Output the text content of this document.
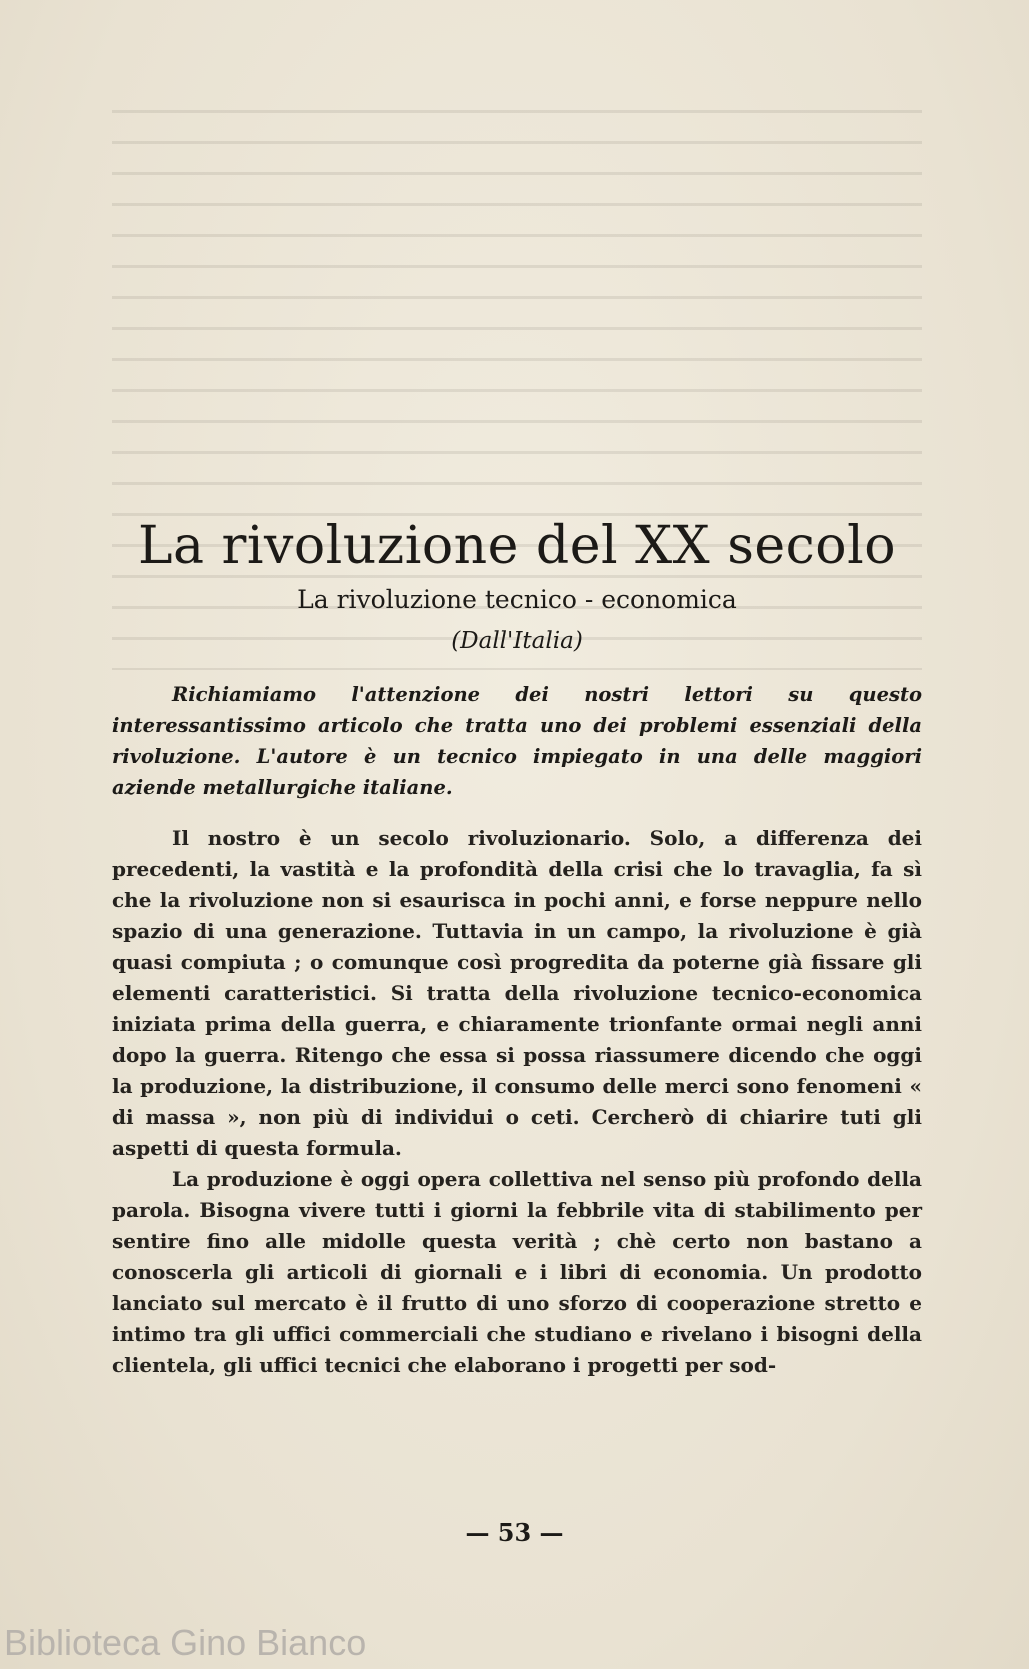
La rivoluzione del XX secolo
La rivoluzione tecnico - economica
(Dall'Italia)

Richiamiamo l'attenzione dei nostri lettori su questo interessantissimo articolo che tratta uno dei problemi essenziali della rivoluzione. L'autore è un tecnico impiegato in una delle maggiori aziende metallurgiche italiane.

Il nostro è un secolo rivoluzionario. Solo, a differenza dei precedenti, la vastità e la profondità della crisi che lo travaglia, fa sì che la rivoluzione non si esaurisca in pochi anni, e forse neppure nello spazio di una generazione. Tuttavia in un campo, la rivoluzione è già quasi compiuta ; o comunque così progredita da poterne già fissare gli elementi caratteristici. Si tratta della rivoluzione tecnico-economica iniziata prima della guerra, e chiaramente trionfante ormai negli anni dopo la guerra. Ritengo che essa si possa riassumere dicendo che oggi la produzione, la distribuzione, il consumo delle merci sono fenomeni « di massa », non più di individui o ceti. Cercherò di chiarire tuti gli aspetti di questa formula.

La produzione è oggi opera collettiva nel senso più profondo della parola. Bisogna vivere tutti i giorni la febbrile vita di stabilimento per sentire fino alle midolle questa verità ; chè certo non bastano a conoscerla gli articoli di giornali e i libri di economia. Un prodotto lanciato sul mercato è il frutto di uno sforzo di cooperazione stretto e intimo tra gli uffici commerciali che studiano e rivelano i bisogni della clientela, gli uffici tecnici che elaborano i progetti per sod-

— 53 —
Biblioteca Gino Bianco
